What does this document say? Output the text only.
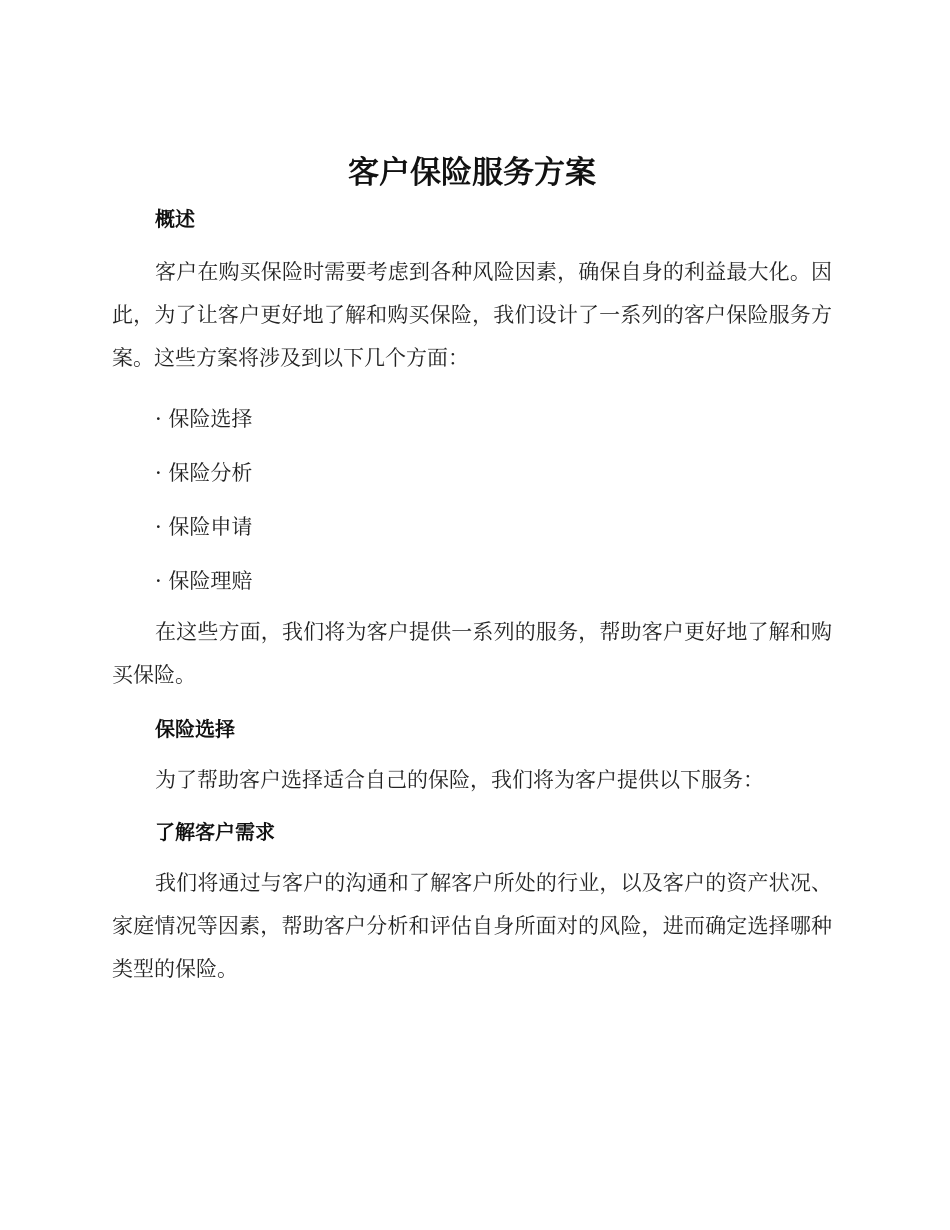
客户保险服务方案
概述

客户在购买保险时需要考虑到各种风险因素，确保自身的利益最大化。因此，为了让客户更好地了解和购买保险，我们设计了一系列的客户保险服务方案。这些方案将涉及到以下几个方面：

· 保险选择
· 保险分析
· 保险申请
· 保险理赔

在这些方面，我们将为客户提供一系列的服务，帮助客户更好地了解和购买保险。

保险选择

为了帮助客户选择适合自己的保险，我们将为客户提供以下服务：

了解客户需求

我们将通过与客户的沟通和了解客户所处的行业，以及客户的资产状况、家庭情况等因素，帮助客户分析和评估自身所面对的风险，进而确定选择哪种类型的保险。
